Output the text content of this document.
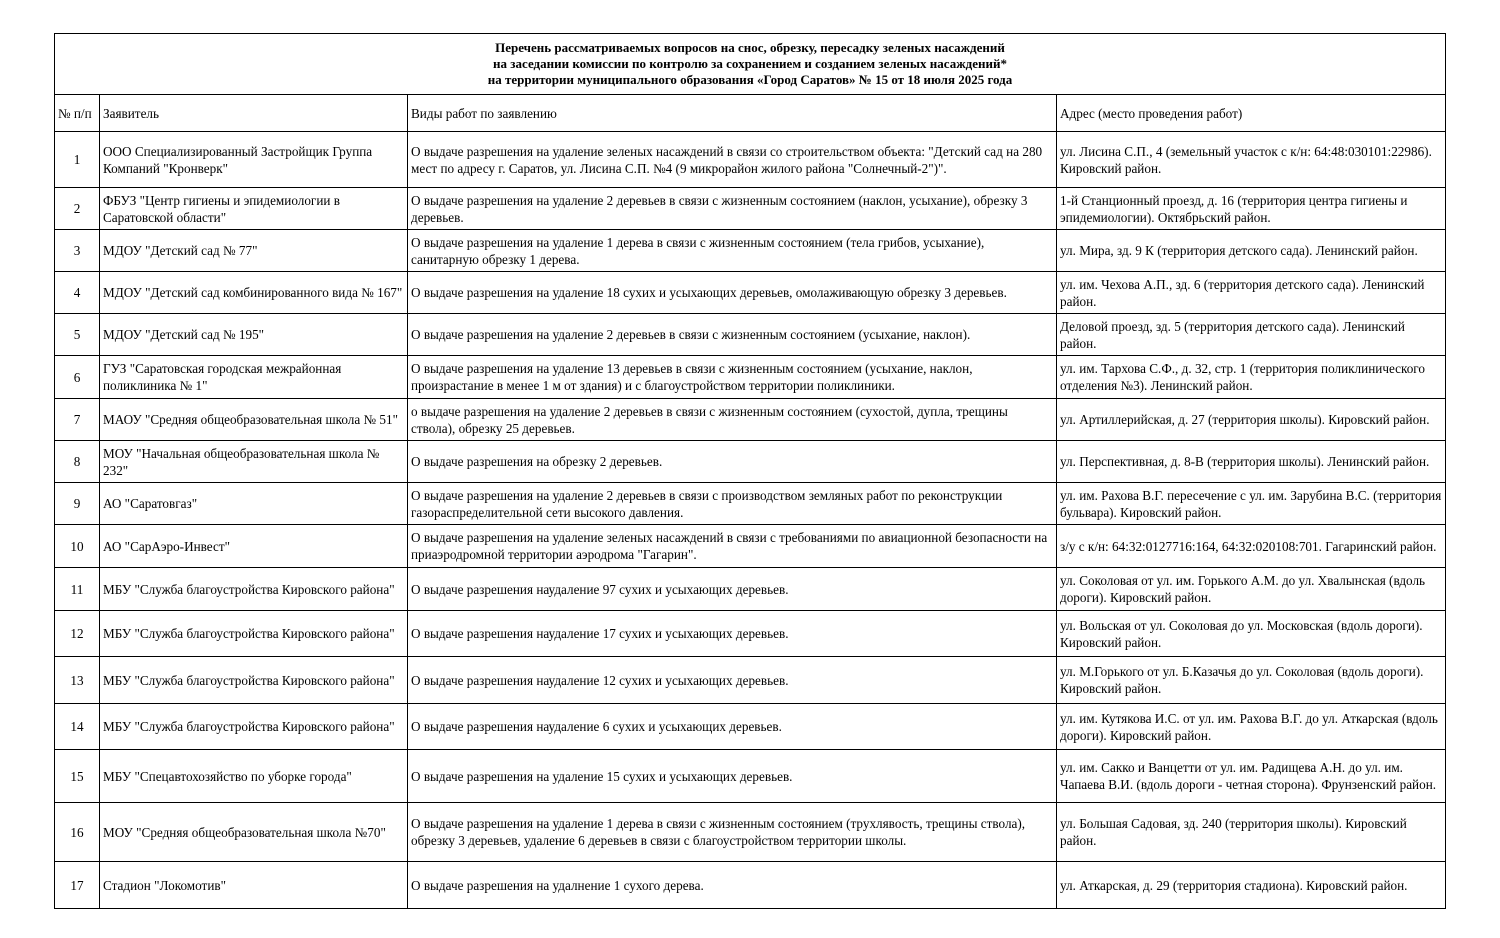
Перечень рассматриваемых вопросов на снос, обрезку, пересадку зеленых насаждений
на заседании комиссии по контролю за сохранением и созданием зеленых насаждений*
на территории муниципального образования «Город Саратов» № 15 от 18 июля 2025 года			

№ п/п	Заявитель	Виды работ по заявлению	Адрес (место проведения работ)
1	ООО Специализированный Застройщик Группа Компаний "Кронверк"	О выдаче разрешения на удаление зеленых насаждений в связи со строительством объекта: "Детский сад на 280 мест по адресу г. Саратов, ул. Лисина С.П. №4 (9 микрорайон жилого района "Солнечный-2")".	ул. Лисина С.П., 4 (земельный участок с к/н: 64:48:030101:22986). Кировский район.
2	ФБУЗ "Центр гигиены и эпидемиологии в Саратовской области"	О выдаче разрешения на удаление 2 деревьев в связи с жизненным состоянием (наклон, усыхание), обрезку 3 деревьев.	1-й Станционный проезд, д. 16 (территория центра гигиены и эпидемиологии). Октябрьский район.
3	МДОУ "Детский сад № 77"	О выдаче разрешения на удаление 1 дерева в связи с жизненным состоянием (тела грибов, усыхание), санитарную обрезку 1 дерева.	ул. Мира, зд. 9 К (территория детского сада). Ленинский район.
4	МДОУ "Детский сад комбинированного вида № 167"	О выдаче разрешения на удаление 18 сухих и усыхающих деревьев, омолаживающую обрезку 3 деревьев.	ул. им. Чехова А.П., зд. 6 (территория детского сада). Ленинский район.
5	МДОУ "Детский сад № 195"	О выдаче разрешения на удаление 2 деревьев в связи с жизненным состоянием (усыхание, наклон).	Деловой проезд, зд. 5 (территория детского сада). Ленинский район.
6	ГУЗ "Саратовская городская межрайонная поликлиника № 1"	О выдаче разрешения на удаление 13 деревьев в связи с жизненным состоянием (усыхание, наклон, произрастание в менее 1 м от здания) и с благоустройством территории поликлиники.	ул. им. Тархова С.Ф., д. 32, стр. 1 (территория поликлинического отделения №3). Ленинский район.
7	МАОУ "Средняя общеобразовательная школа № 51"	о выдаче разрешения на удаление 2 деревьев в связи с жизненным состоянием (сухостой, дупла, трещины ствола), обрезку 25 деревьев.	ул. Артиллерийская, д. 27 (территория школы). Кировский район.
8	МОУ "Начальная общеобразовательная школа № 232"	О выдаче разрешения на обрезку 2 деревьев.	ул. Перспективная, д. 8-В (территория школы). Ленинский район.
9	АО "Саратовгаз"	О выдаче разрешения на удаление 2 деревьев в связи с производством земляных работ по реконструкции газораспределительной сети высокого давления.	ул. им. Рахова В.Г. пересечение с ул. им. Зарубина В.С. (территория бульвара). Кировский район.
10	АО "СарАэро-Инвест"	О выдаче разрешения на удаление зеленых насаждений в связи с требованиями по авиационной безопасности на приаэродромной территории аэродрома "Гагарин".	з/у с к/н: 64:32:0127716:164, 64:32:020108:701. Гагаринский район.
11	МБУ "Служба благоустройства Кировского района"	О выдаче разрешения наудаление 97 сухих и усыхающих деревьев.	ул. Соколовая от ул. им. Горького А.М. до ул. Хвалынская (вдоль дороги). Кировский район.
12	МБУ "Служба благоустройства Кировского района"	О выдаче разрешения наудаление 17 сухих и усыхающих деревьев.	ул. Вольская от ул. Соколовая до ул. Московская (вдоль дороги). Кировский район.
13	МБУ "Служба благоустройства Кировского района"	О выдаче разрешения наудаление 12 сухих и усыхающих деревьев.	ул. М.Горького от ул. Б.Казачья до ул. Соколовая (вдоль дороги). Кировский район.
14	МБУ "Служба благоустройства Кировского района"	О выдаче разрешения наудаление 6 сухих и усыхающих деревьев.	ул. им. Кутякова И.С. от ул. им. Рахова В.Г. до ул. Аткарская (вдоль дороги). Кировский район.
15	МБУ "Спецавтохозяйство по уборке города"	О выдаче разрешения на удаление 15 сухих и усыхающих деревьев.	ул. им. Сакко и Ванцетти от ул. им. Радищева А.Н. до ул. им. Чапаева В.И. (вдоль дороги - четная сторона). Фрунзенский район.
16	МОУ "Средняя общеобразовательная школа №70"	О выдаче разрешения на удаление 1 дерева в связи с жизненным состоянием (трухлявость, трещины ствола), обрезку 3 деревьев, удаление 6 деревьев в связи с благоустройством территории школы.	ул. Большая Садовая, зд. 240 (территория школы). Кировский район.
17	Стадион "Локомотив"	О выдаче разрешения на удалнение 1 сухого дерева.	ул. Аткарская, д. 29 (территория стадиона). Кировский район.
